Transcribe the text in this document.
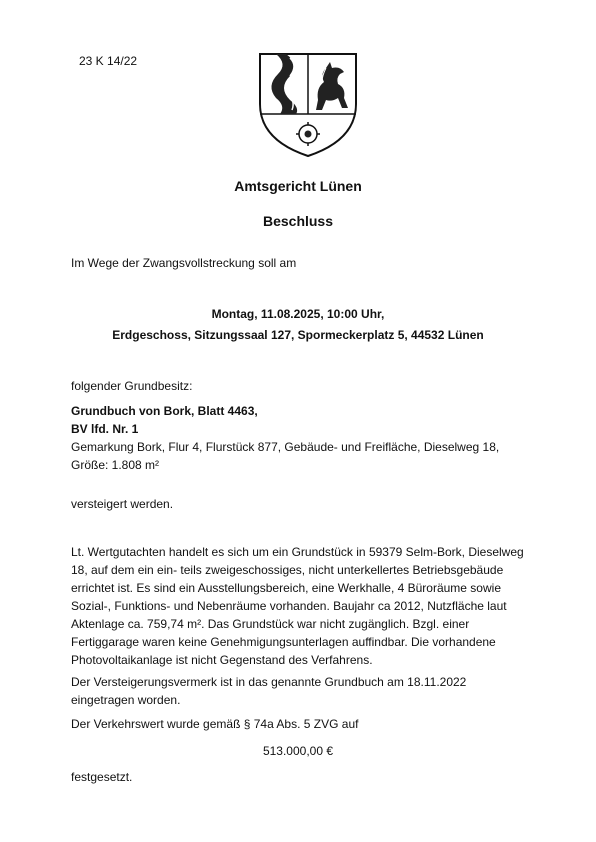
23 K 14/22
Amtsgericht Lünen
Beschluss
Im Wege der Zwangsvollstreckung soll am
Montag, 11.08.2025, 10:00 Uhr,
Erdgeschoss, Sitzungssaal 127, Spormeckerplatz 5, 44532 Lünen
folgender Grundbesitz:
Grundbuch von Bork, Blatt 4463,
BV lfd. Nr. 1
Gemarkung Bork, Flur 4, Flurstück 877, Gebäude- und Freifläche, Dieselweg 18,
Größe: 1.808 m²
versteigert werden.
Lt. Wertgutachten handelt es sich um ein Grundstück in 59379 Selm-Bork, Dieselweg
18, auf dem ein ein- teils zweigeschossiges, nicht unterkellertes Betriebsgebäude
errichtet ist. Es sind ein Ausstellungsbereich, eine Werkhalle, 4 Büroräume sowie
Sozial-, Funktions- und Nebenräume vorhanden. Baujahr ca 2012, Nutzfläche laut
Aktenlage ca. 759,74 m². Das Grundstück war nicht zugänglich. Bzgl. einer
Fertiggarage waren keine Genehmigungsunterlagen auffindbar. Die vorhandene
Photovoltaikanlage ist nicht Gegenstand des Verfahrens.
Der Versteigerungsvermerk ist in das genannte Grundbuch am 18.11.2022
eingetragen worden.
Der Verkehrswert wurde gemäß § 74a Abs. 5 ZVG auf
513.000,00 €
festgesetzt.
